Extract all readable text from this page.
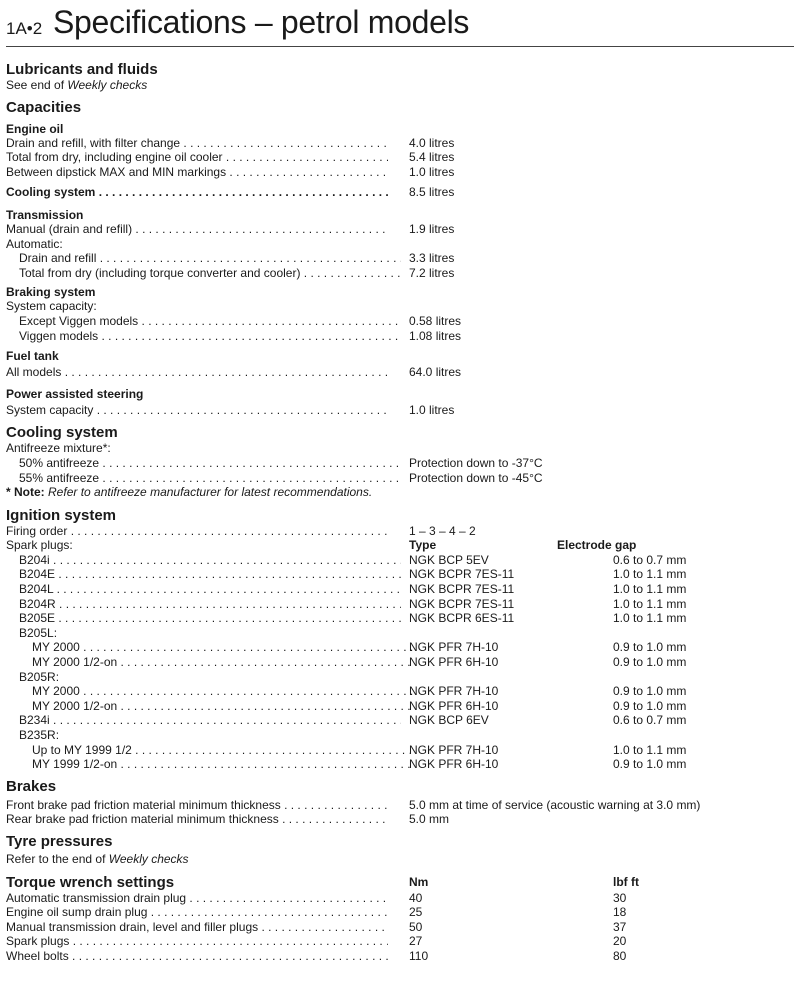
1A•2 Specifications – petrol models
Lubricants and fluids
See end of Weekly checks
Capacities
Engine oil
Drain and refill, with filter change . . .	4.0 litres
Total from dry, including engine oil cooler . . .	5.4 litres
Between dipstick MAX and MIN markings . . .	1.0 litres
Cooling system . . .	8.5 litres
Transmission
Manual (drain and refill) . . .	1.9 litres
Automatic:
Drain and refill . . .	3.3 litres
Total from dry (including torque converter and cooler) . . .	7.2 litres
Braking system
System capacity:
Except Viggen models . . .	0.58 litres
Viggen models . . .	1.08 litres
Fuel tank
All models . . .	64.0 litres
Power assisted steering
System capacity . . .	1.0 litres
Cooling system
Antifreeze mixture*:
50% antifreeze . . .	Protection down to -37°C
55% antifreeze . . .	Protection down to -45°C
* Note: Refer to antifreeze manufacturer for latest recommendations.
Ignition system
Firing order . . .	1 – 3 – 4 – 2
Spark plugs:	Type	Electrode gap
B204i . . .	NGK BCP 5EV	0.6 to 0.7 mm
B204E . . .	NGK BCPR 7ES-11	1.0 to 1.1 mm
B204L . . .	NGK BCPR 7ES-11	1.0 to 1.1 mm
B204R . . .	NGK BCPR 7ES-11	1.0 to 1.1 mm
B205E . . .	NGK BCPR 6ES-11	1.0 to 1.1 mm
B205L:
MY 2000 . . .	NGK PFR 7H-10	0.9 to 1.0 mm
MY 2000 1/2-on . . .	NGK PFR 6H-10	0.9 to 1.0 mm
B205R:
MY 2000 . . .	NGK PFR 7H-10	0.9 to 1.0 mm
MY 2000 1/2-on . . .	NGK PFR 6H-10	0.9 to 1.0 mm
B234i . . .	NGK BCP 6EV	0.6 to 0.7 mm
B235R:
Up to MY 1999 1/2 . . .	NGK PFR 7H-10	1.0 to 1.1 mm
MY 1999 1/2-on . . .	NGK PFR 6H-10	0.9 to 1.0 mm
Brakes
Front brake pad friction material minimum thickness . . .	5.0 mm at time of service (acoustic warning at 3.0 mm)
Rear brake pad friction material minimum thickness . . .	5.0 mm
Tyre pressures
Refer to the end of Weekly checks
Torque wrench settings	Nm	lbf ft
Automatic transmission drain plug . . .	40	30
Engine oil sump drain plug . . .	25	18
Manual transmission drain, level and filler plugs . . .	50	37
Spark plugs . . .	27	20
Wheel bolts . . .	110	80
